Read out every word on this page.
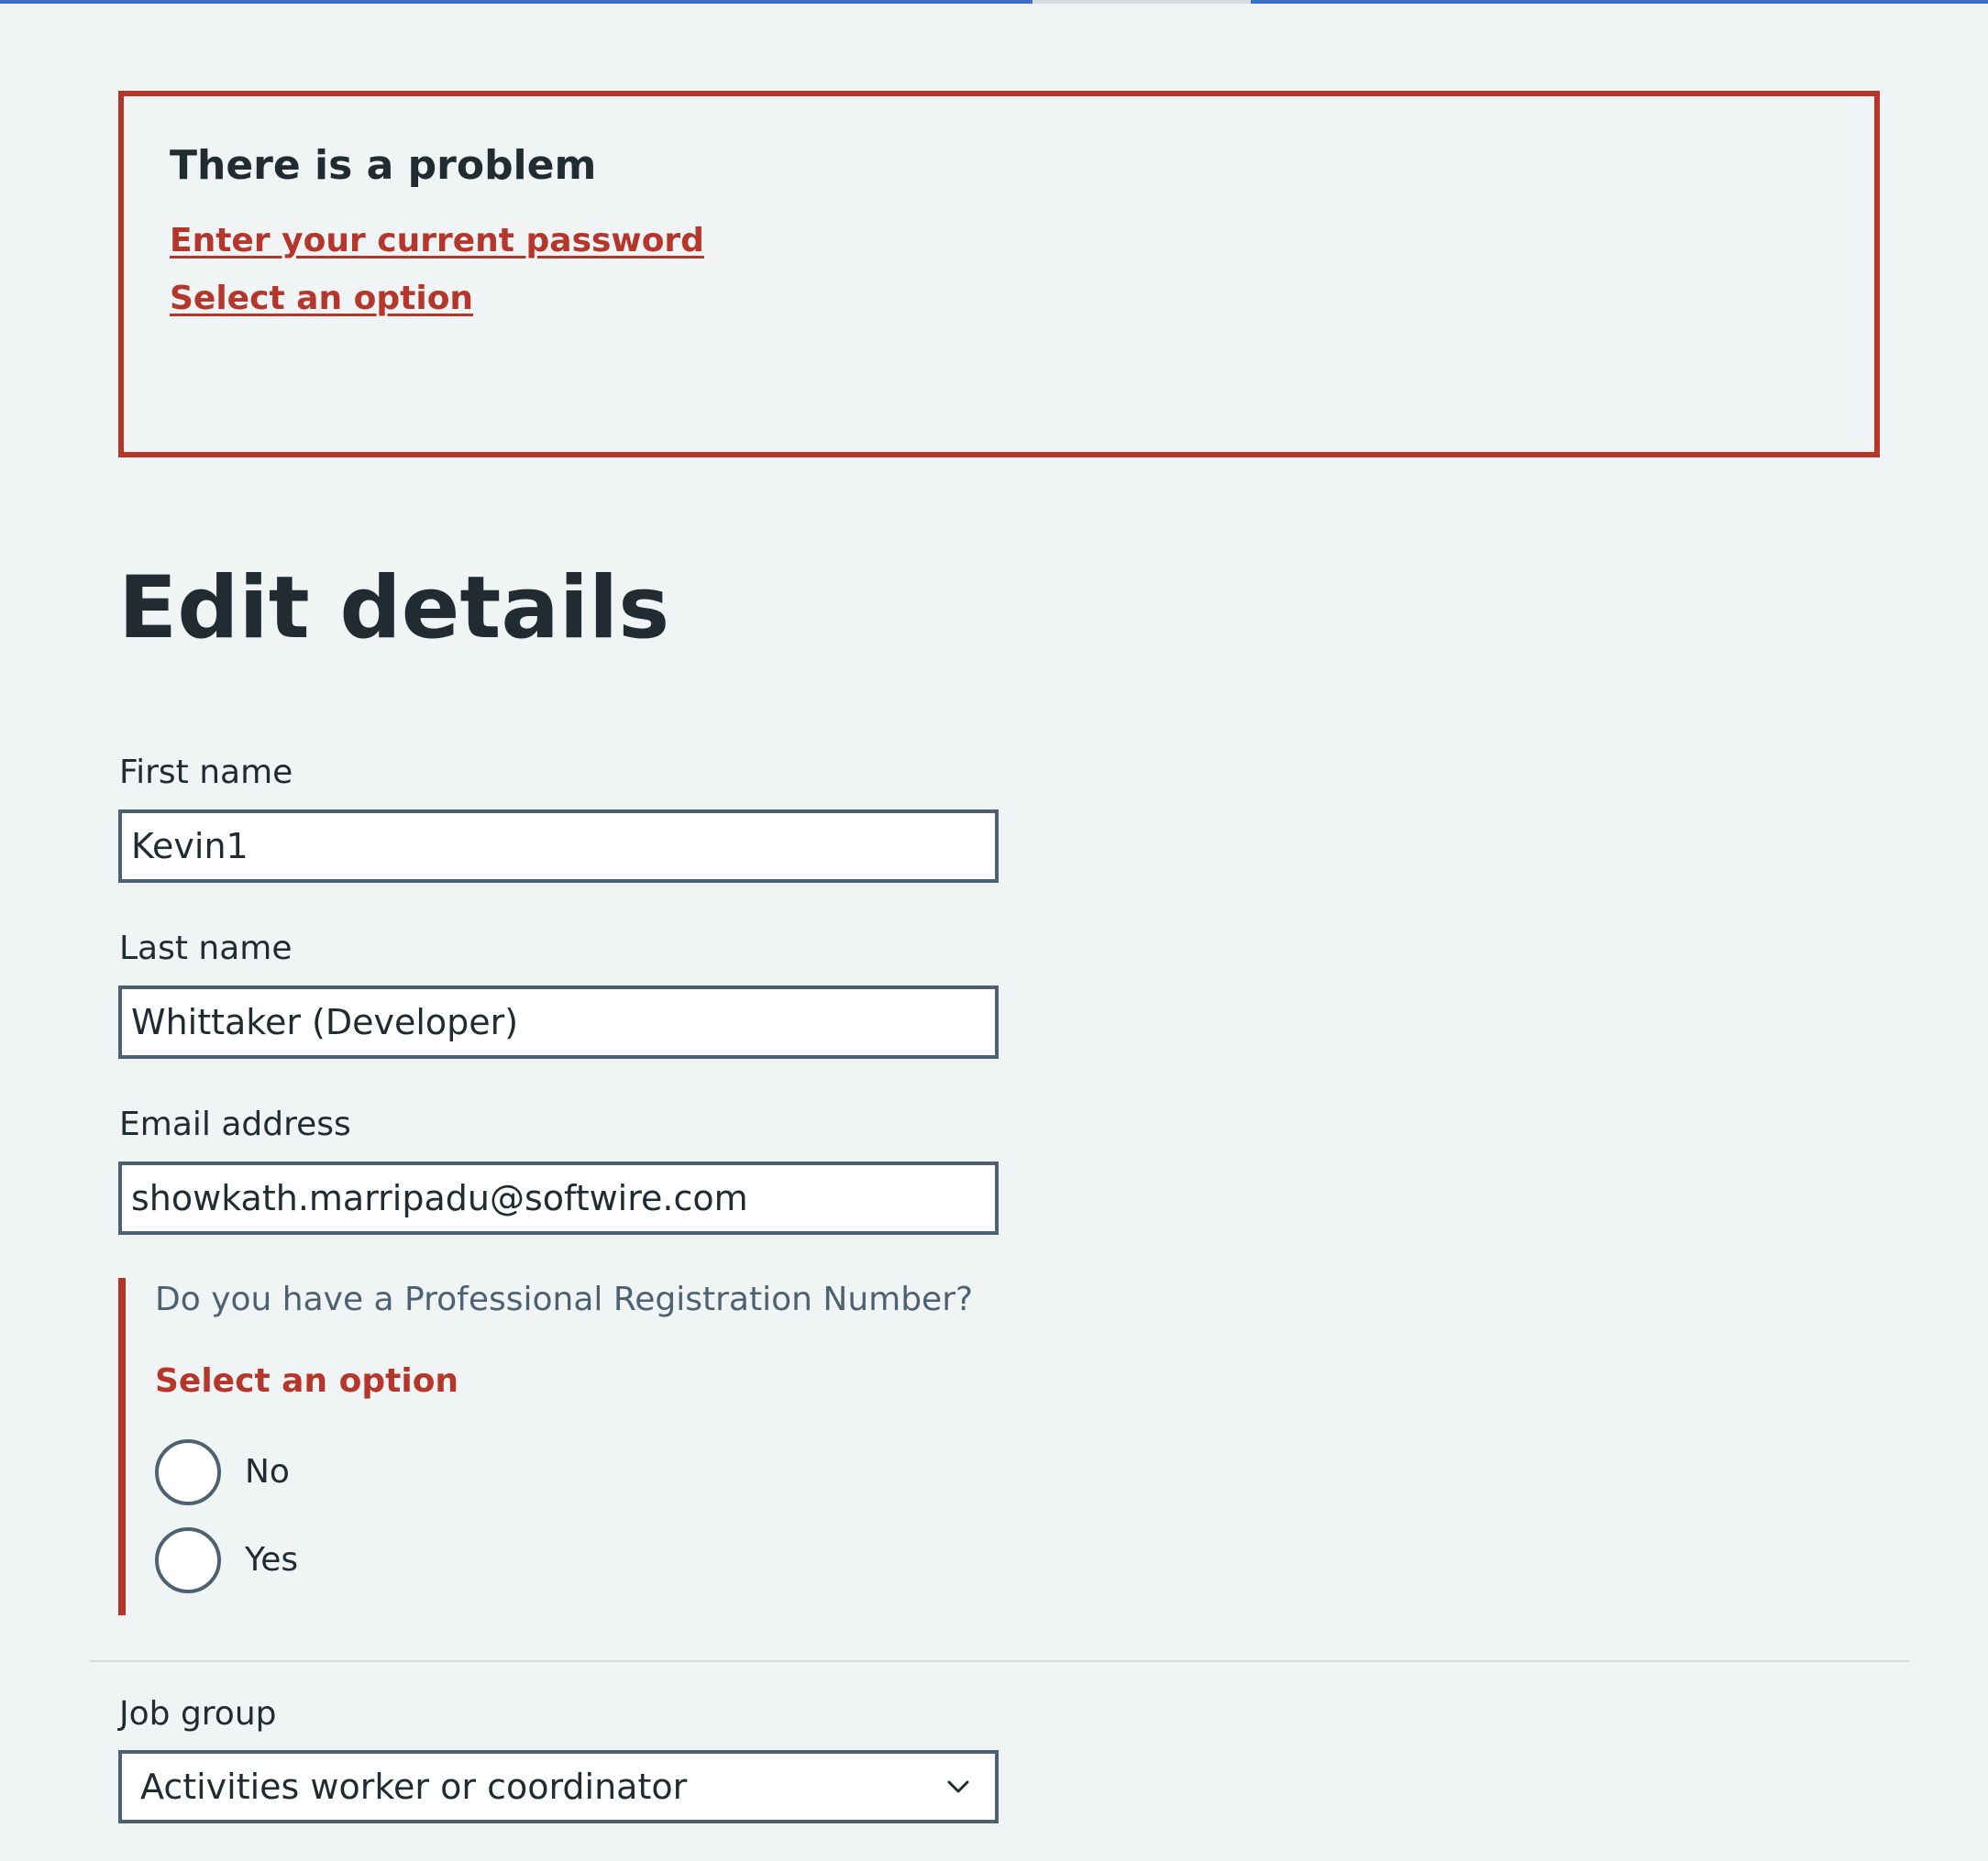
There is a problem
Enter your current password
Select an option
Edit details
First name
Kevin1
Last name
Whittaker (Developer)
Email address
showkath.marripadu@softwire.com
Do you have a Professional Registration Number?
Select an option
No
Yes
Job group
Activities worker or coordinator
